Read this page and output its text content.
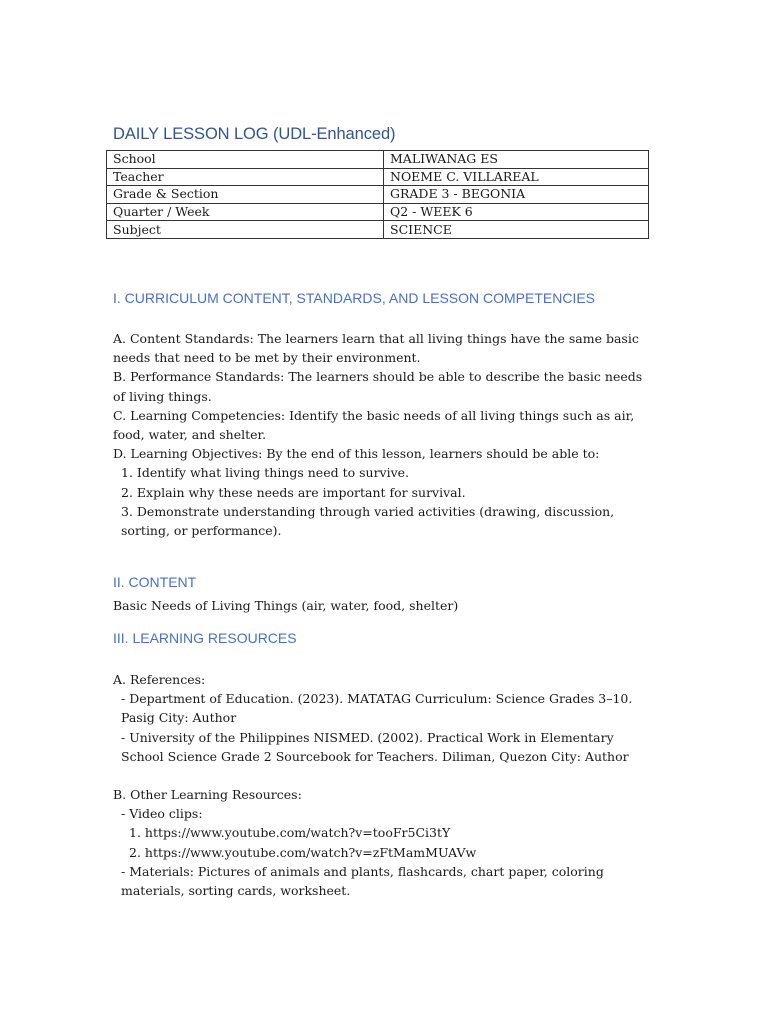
DAILY LESSON LOG (UDL-Enhanced)
School	MALIWANAG ES
Teacher	NOEME C. VILLAREAL
Grade & Section	GRADE 3 - BEGONIA
Quarter / Week	Q2 - WEEK 6
Subject	SCIENCE
I. CURRICULUM CONTENT, STANDARDS, AND LESSON COMPETENCIES

A. Content Standards: The learners learn that all living things have the same basic needs that need to be met by their environment.

B. Performance Standards: The learners should be able to describe the basic needs of living things.

C. Learning Competencies: Identify the basic needs of all living things such as air, food, water, and shelter.

D. Learning Objectives: By the end of this lesson, learners should be able to:

1. Identify what living things need to survive.

2. Explain why these needs are important for survival.

3. Demonstrate understanding through varied activities (drawing, discussion, sorting, or performance).

II. CONTENT

Basic Needs of Living Things (air, water, food, shelter)

III. LEARNING RESOURCES

A. References:

- Department of Education. (2023). MATATAG Curriculum: Science Grades 3–10. Pasig City: Author

- University of the Philippines NISMED. (2002). Practical Work in Elementary School Science Grade 2 Sourcebook for Teachers. Diliman, Quezon City: Author

B. Other Learning Resources:

- Video clips:

1. https://www.youtube.com/watch?v=tooFr5Ci3tY

2. https://www.youtube.com/watch?v=zFtMamMUAVw

- Materials: Pictures of animals and plants, flashcards, chart paper, coloring materials, sorting cards, worksheet.
